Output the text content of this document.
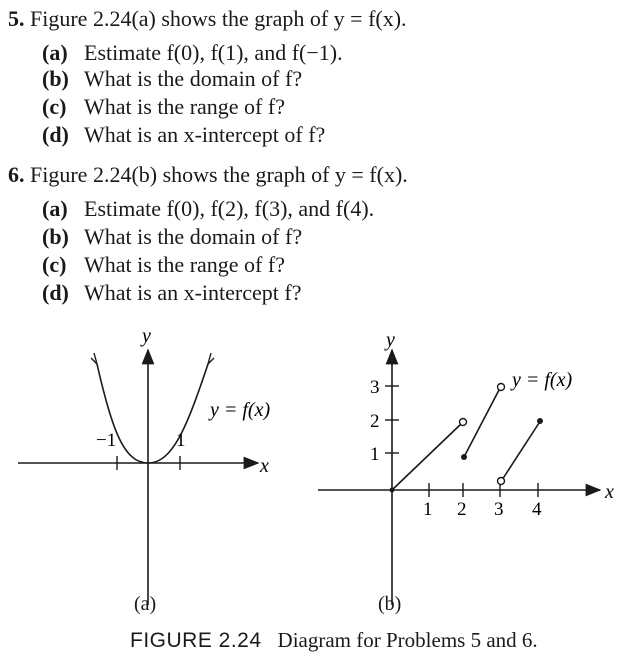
5. Figure 2.24(a) shows the graph of y = f(x).
(a) Estimate f(0), f(1), and f(−1).
(b) What is the domain of f?
(c) What is the range of f?
(d) What is an x-intercept of f?
6. Figure 2.24(b) shows the graph of y = f(x).
(a) Estimate f(0), f(2), f(3), and f(4).
(b) What is the domain of f?
(c) What is the range of f?
(d) What is an x-intercept f?
−1	1
y
x
y = f(x)
(a)
1 2 3 4
1
2
3
y
x
y = f(x)
(b)
FIGURE 2.24 Diagram for Problems 5 and 6.
